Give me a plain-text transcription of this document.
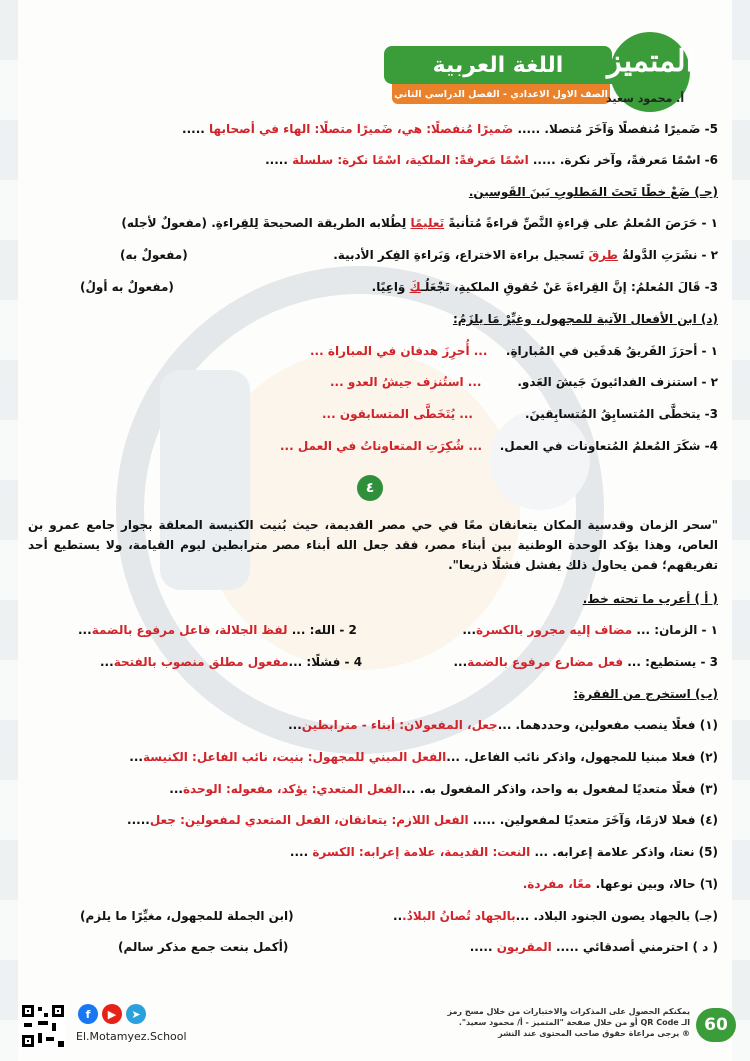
اللغة العربية
الصف الاول الاعدادي - الفصل الدراسي الثاني
المتميز
أ. محمود سعيد
5- ضَميرًا مُنفصلًا وَآخَرَ مُتصلا. ..... ضَميرًا مُنفصلًا: هي، ضَميرًا متصلًا: الهاء في أصحابها .....
6- اسْمًا مَعرفةً، وآخر نكرة. ..... اسْمًا مَعرفةً: الملكية، اسْمًا نكرة: سلسلة .....
(جـ) ضَعْ خطًا تَحتَ المَطلوبِ بَينَ القَوسين.
١ - حَرَصَ المُعلمُ على قِراءةِ النَّصِّ قراءةً مُتأنيةً تَعليمًا لِطُلابه الطريقة الصحيحةَ لِلقِراءةِ. (مفعولٌ لأجله)
٢ - نشَرَتِ الدَّولةُ طرقَ تَسجيل براءة الاختراع، وَبَراءةِ الفِكر الأدبية.
(مفعولٌ به)
3- قَالَ المُعلمُ: إنَّ القِراءةَ عَنْ حُقوقِ الملكيةِ، تَجْعَلُـكَ وَاعِيًا.
(مفعولٌ به أولُ)
(د) ابن الأفعال الآتية للمجهول، وغيِّرْ مَا يلزَمُ:
١ - أحرَزَ الفَريقُ هَدفَين في المُباراةِ.
... أُحرِزَ هدفان في المباراة ...
٢ - استنزف الفدائيونَ جَيشَ العَدو.
... استُنزف جيشُ العدو ...
3- يتخطَّى المُتسابِقُ المُتسابِقينَ.
... يُتَخَطَّى المتسابقون ...
4- شكَرَ المُعلمُ المُتعاونات في العمل.
... شُكِرَتِ المتعاوناتُ في العمل ...
٤
"سحر الزمان وقدسية المكان يتعانقان معًا في حي مصر القديمة، حيث بُنيت الكنيسة المعلقة بجوار جامع عمرو بن العاص، وهذا يؤكد الوحدة الوطنية بين أبناء مصر، فقد جعل الله أبناء مصر مترابطين ليوم القيامة، ولا يستطيع أحد تفريقهم؛ فمن يحاول ذلك يفشل فشلًا ذريعا".
( أ ) أعرب ما تحته خط.
١ - الزمان: ... مضاف إليه مجرور بالكسرة...
2 - الله: ... لفظ الجلالة، فاعل مرفوع بالضمة...
3 - يستطيع: ... فعل مضارع مرفوع بالضمة...
4 - فشلًا: ...مفعول مطلق منصوب بالفتحة...
(ب) استخرج من الفقرة:
(١) فعلًا ينصب مفعولين، وحددهما. ...جعل، المفعولان: أبناء - مترابطين...
(٢) فعلا مبنيا للمجهول، واذكر نائب الفاعل. ...الفعل المبني للمجهول: بنيت، نائب الفاعل: الكنيسة...
(٣) فعلًا متعديًا لمفعول به واحد، واذكر المفعول به. ...الفعل المتعدي: يؤكد، مفعوله: الوحدة...
(٤) فعلا لازمًا، وَآخَرَ متعديًا لمفعولين. ..... الفعل اللازم: يتعانقان، الفعل المتعدي لمفعولين: جعل.....
(5) نعتا، واذكر علامة إعرابه. ... النعت: القديمة، علامة إعرابه: الكسرة ....
(٦) حالا، وبين نوعها. معًا، مفردة.
(جـ) بالجهاد يصون الجنود البلاد. ...بالجهاد تُصانُ البلادُ...
(ابن الجملة للمجهول، مغيِّرًا ما يلزم)
( د ) احترمني أصدقائي ..... المقربون .....
(أكمل بنعت جمع مذكر سالم)
f	▶	➤
El.Motamyez.School
يمكنكم الحصول على المذكرات والاختبارات من خلال مسح رمز
الـ QR Code أو من خلال صفحة "المتميز - أ/ محمود سعيد".
® يرجى مراعاة حقوق صاحب المحتوى عند النشر 60
